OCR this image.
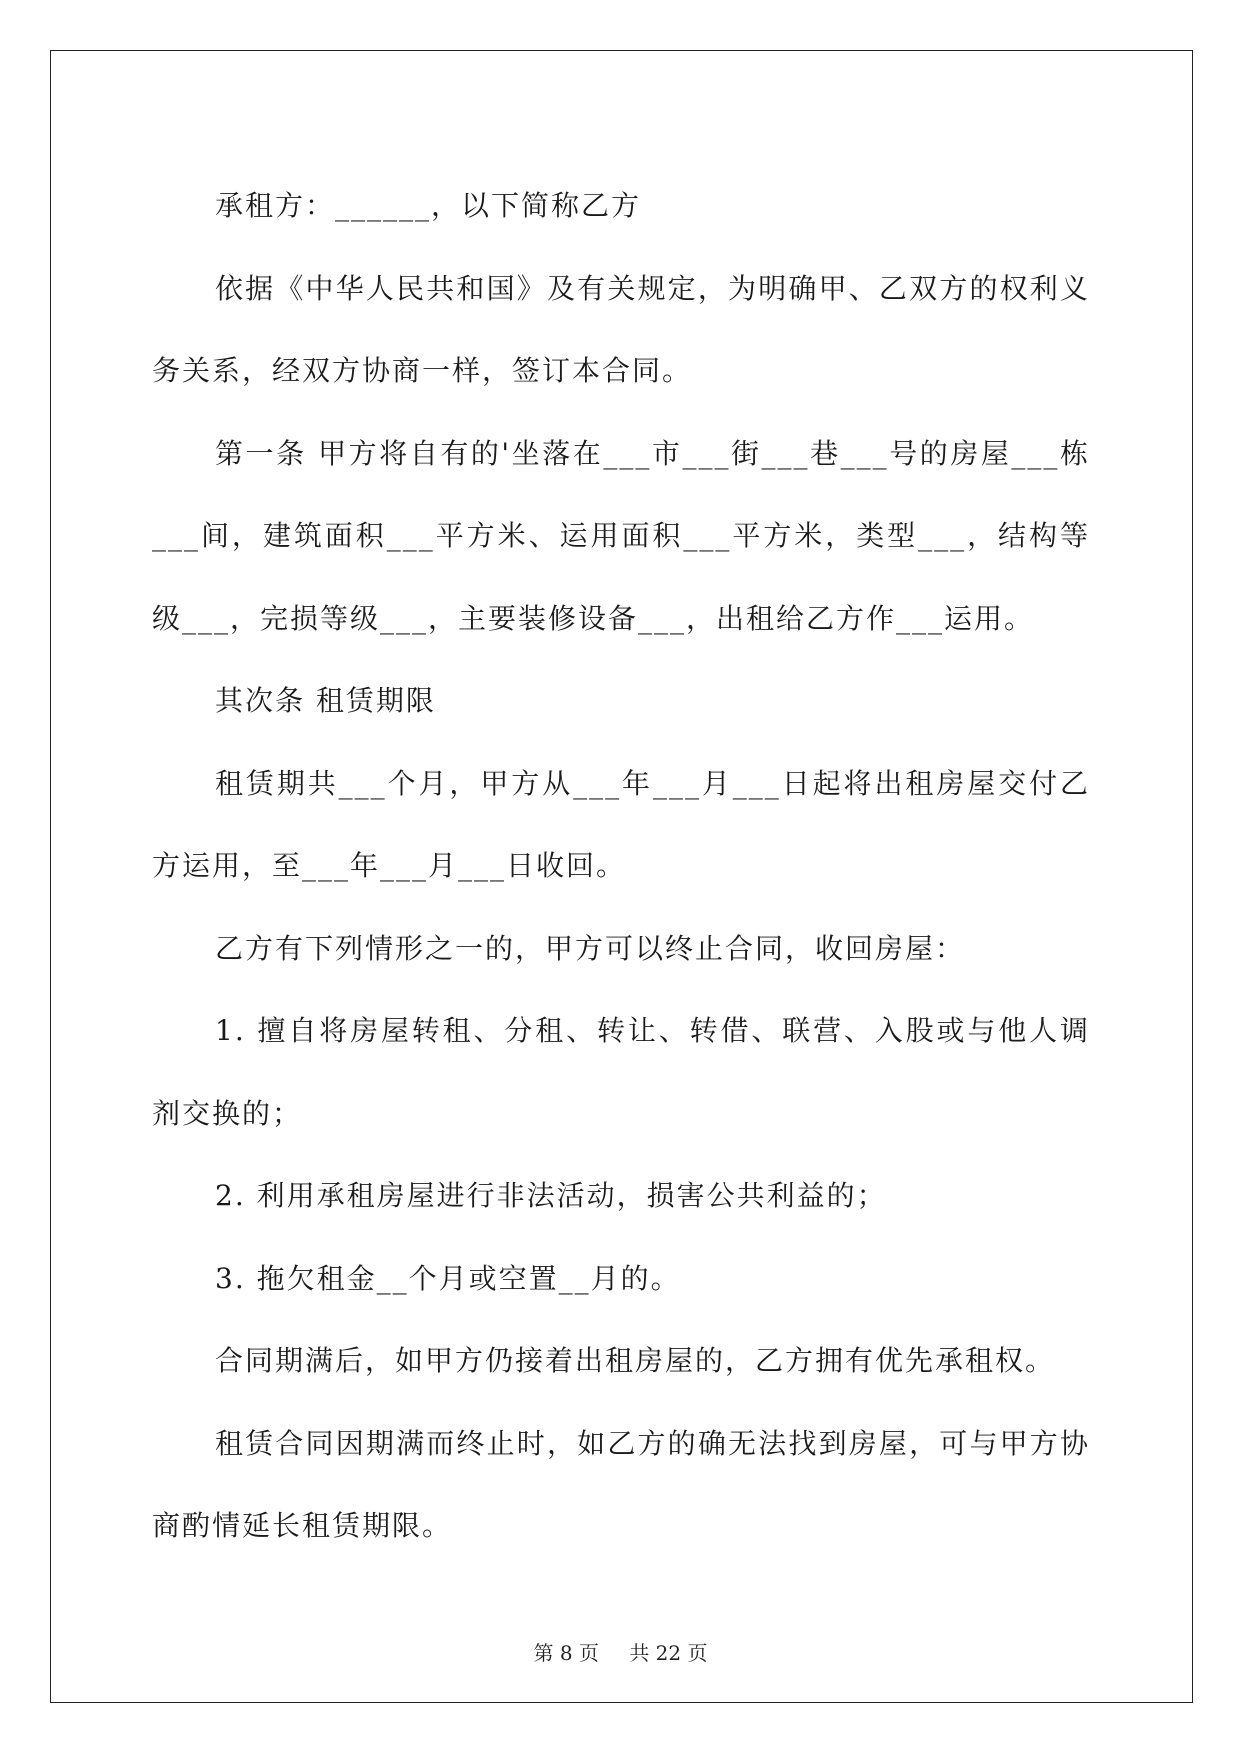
承租方：______，以下简称乙方

依据《中华人民共和国》及有关规定，为明确甲、乙双方的权利义务关系，经双方协商一样，签订本合同。

第一条 甲方将自有的'坐落在___市___街___巷___号的房屋___栋___间，建筑面积___平方米、运用面积___平方米，类型___，结构等级___，完损等级___，主要装修设备___，出租给乙方作___运用。

其次条 租赁期限

租赁期共___个月，甲方从___年___月___日起将出租房屋交付乙方运用，至___年___月___日收回。

乙方有下列情形之一的，甲方可以终止合同，收回房屋：

1. 擅自将房屋转租、分租、转让、转借、联营、入股或与他人调剂交换的；

2. 利用承租房屋进行非法活动，损害公共利益的；

3. 拖欠租金__个月或空置__月的。

合同期满后，如甲方仍接着出租房屋的，乙方拥有优先承租权。

租赁合同因期满而终止时，如乙方的确无法找到房屋，可与甲方协商酌情延长租赁期限。

第 8 页 共 22 页
